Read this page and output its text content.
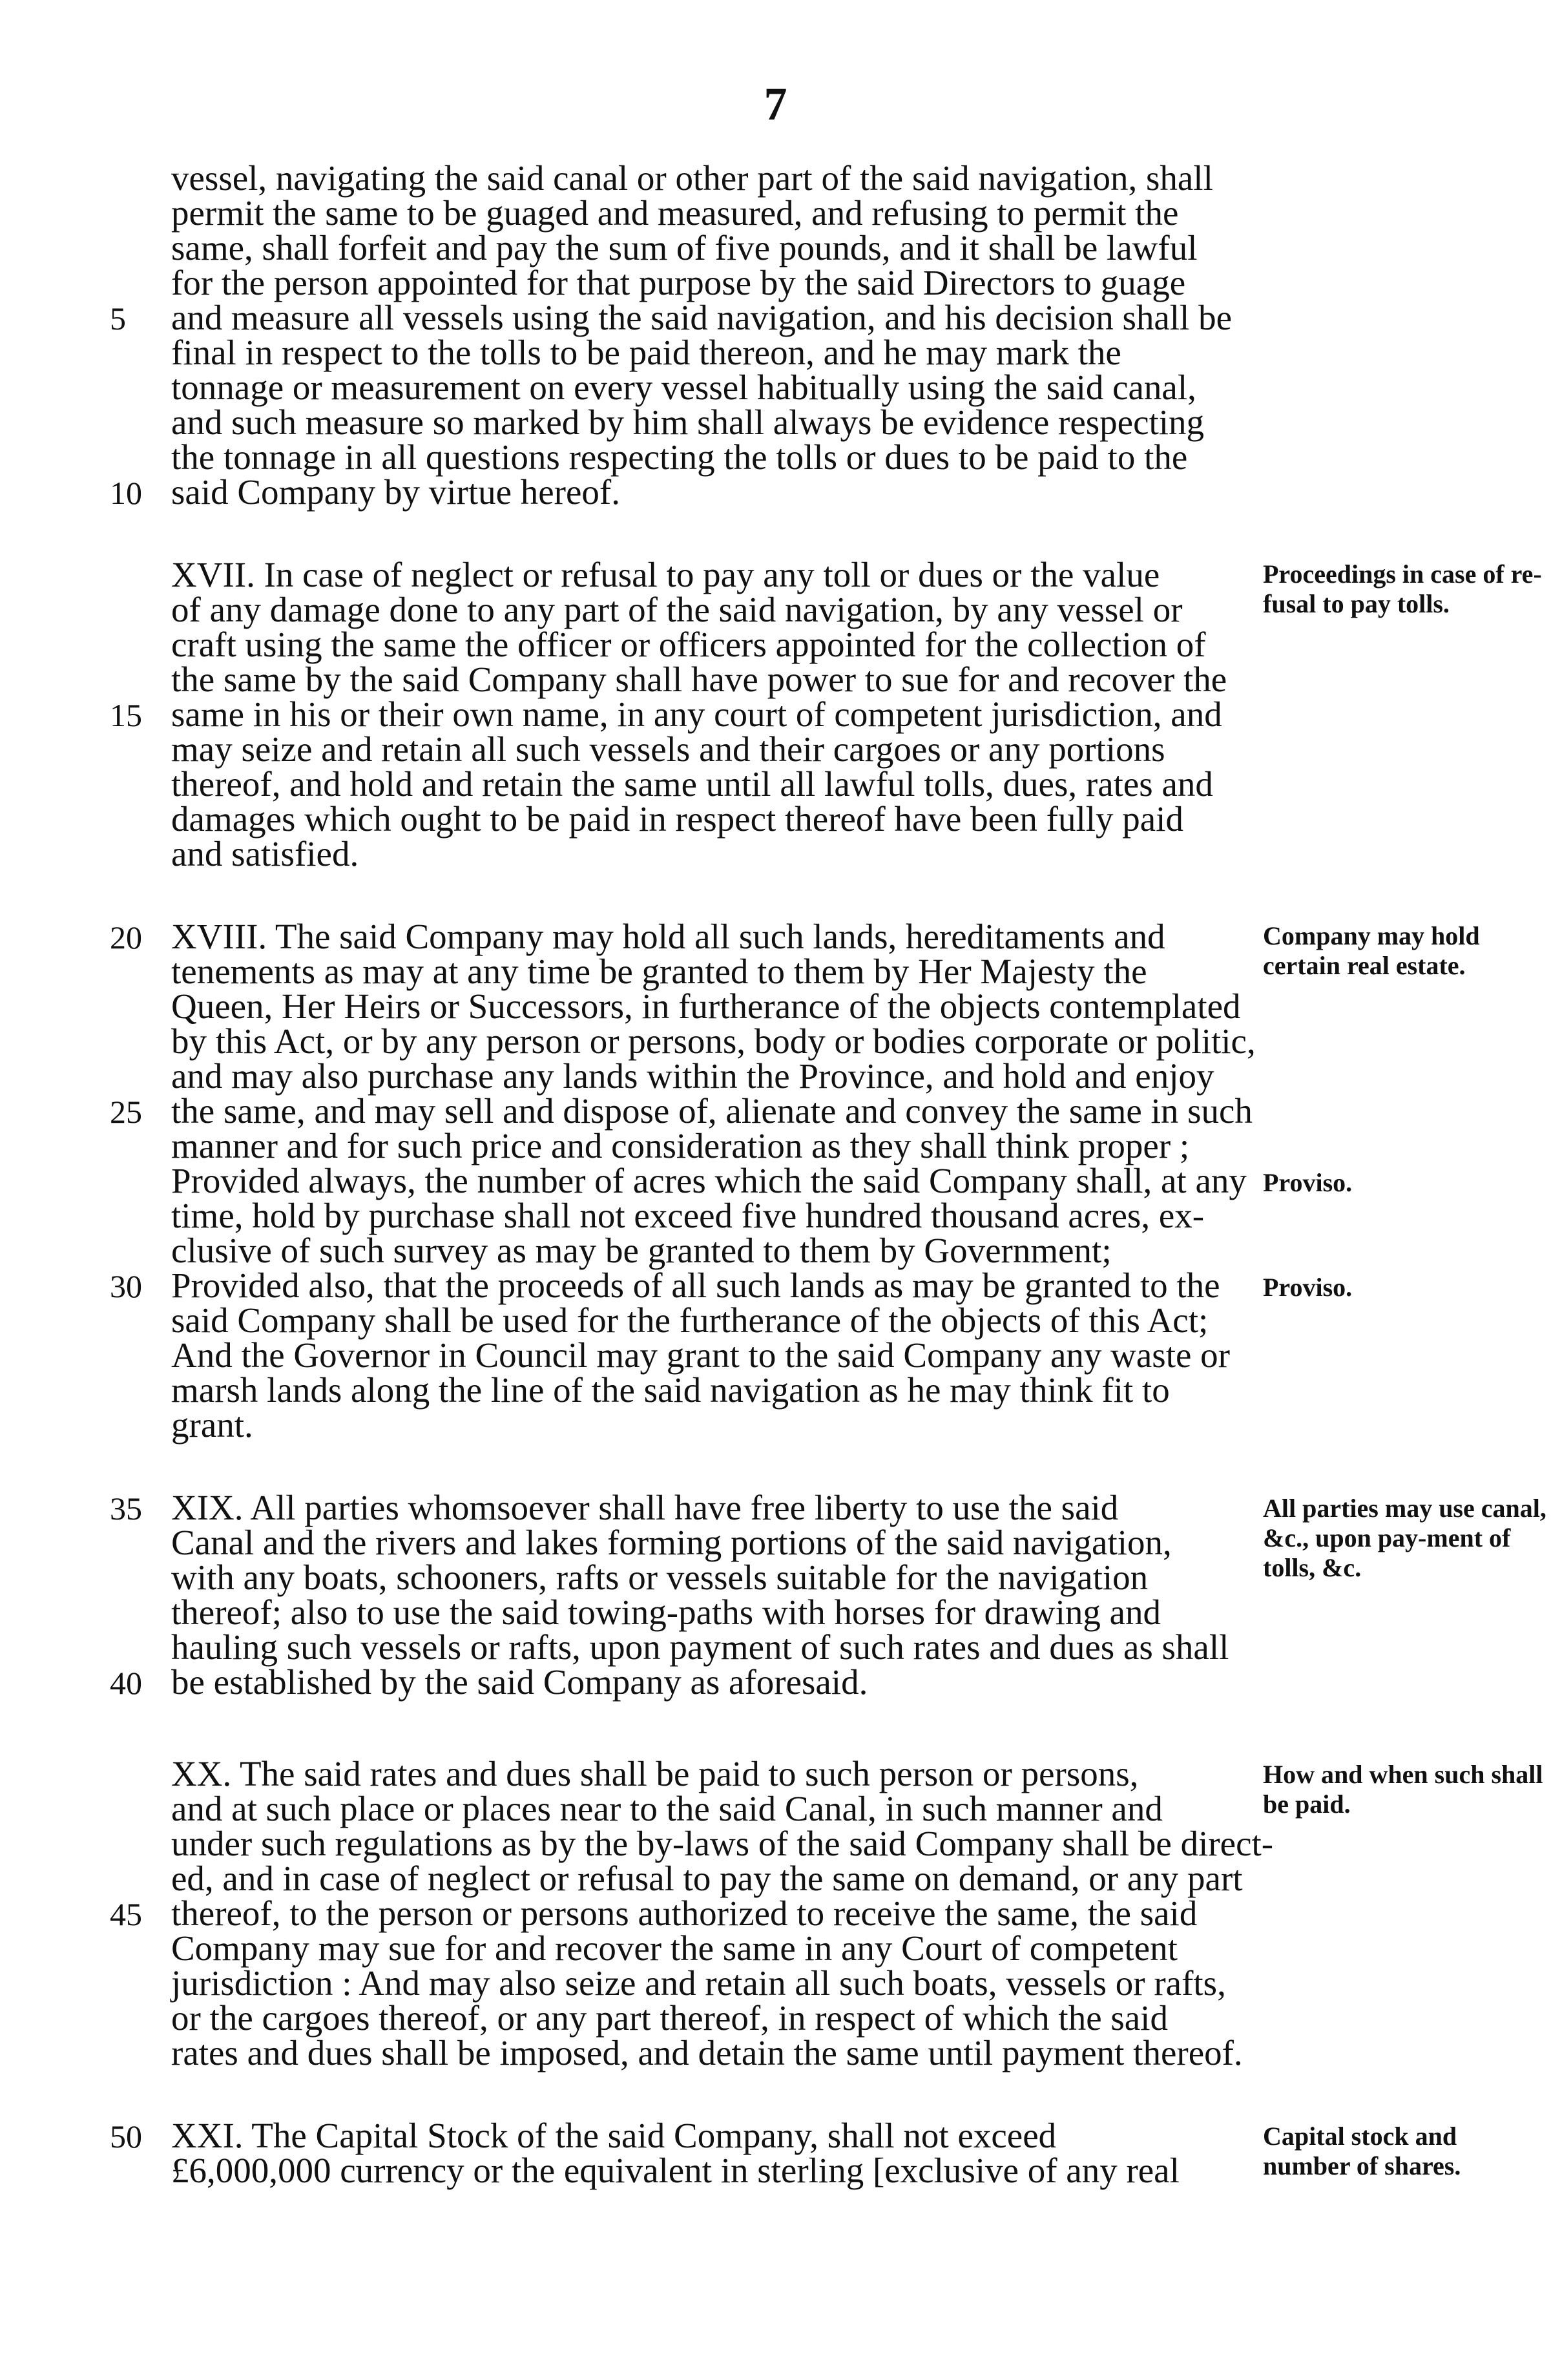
7
vessel, navigating the said canal or other part of the said navigation, shall
permit the same to be guaged and measured, and refusing to permit the
same, shall forfeit and pay the sum of five pounds, and it shall be lawful
for the person appointed for that purpose by the said Directors to guage
5 and measure all vessels using the said navigation, and his decision shall be
final in respect to the tolls to be paid thereon, and he may mark the
tonnage or measurement on every vessel habitually using the said canal,
and such measure so marked by him shall always be evidence respecting
the tonnage in all questions respecting the tolls or dues to be paid to the
10 said Company by virtue hereof.
XVII. In case of neglect or refusal to pay any toll or dues or the value
of any damage done to any part of the said navigation, by any vessel or
craft using the same the officer or officers appointed for the collection of
the same by the said Company shall have power to sue for and recover the
15 same in his or their own name, in any court of competent jurisdiction, and
may seize and retain all such vessels and their cargoes or any portions
thereof, and hold and retain the same until all lawful tolls, dues, rates and
damages which ought to be paid in respect thereof have been fully paid
and satisfied.
20 XVIII. The said Company may hold all such lands, hereditaments and
tenements as may at any time be granted to them by Her Majesty the
Queen, Her Heirs or Successors, in furtherance of the objects contemplated
by this Act, or by any person or persons, body or bodies corporate or politic,
and may also purchase any lands within the Province, and hold and enjoy
25 the same, and may sell and dispose of, alienate and convey the same in such
manner and for such price and consideration as they shall think proper ;
Provided always, the number of acres which the said Company shall, at any
time, hold by purchase shall not exceed five hundred thousand acres, ex-
clusive of such survey as may be granted to them by Government;
30 Provided also, that the proceeds of all such lands as may be granted to the
said Company shall be used for the furtherance of the objects of this Act;
And the Governor in Council may grant to the said Company any waste or
marsh lands along the line of the said navigation as he may think fit to
grant.
35 XIX. All parties whomsoever shall have free liberty to use the said
Canal and the rivers and lakes forming portions of the said navigation,
with any boats, schooners, rafts or vessels suitable for the navigation
thereof; also to use the said towing-paths with horses for drawing and
hauling such vessels or rafts, upon payment of such rates and dues as shall
40 be established by the said Company as aforesaid.
XX. The said rates and dues shall be paid to such person or persons,
and at such place or places near to the said Canal, in such manner and
under such regulations as by the by-laws of the said Company shall be direct-
ed, and in case of neglect or refusal to pay the same on demand, or any part
45 thereof, to the person or persons authorized to receive the same, the said
Company may sue for and recover the same in any Court of competent
jurisdiction : And may also seize and retain all such boats, vessels or rafts,
or the cargoes thereof, or any part thereof, in respect of which the said
rates and dues shall be imposed, and detain the same until payment thereof.
50 XXI. The Capital Stock of the said Company, shall not exceed
£6,000,000 currency or the equivalent in sterling [exclusive of any real
Proceedings in case of re-fusal to pay tolls.
Company may hold certain real estate.
Proviso.
Proviso.
All parties may use canal, &c., upon pay-ment of tolls, &c.
How and when such shall be paid.
Capital stock and number of shares.
